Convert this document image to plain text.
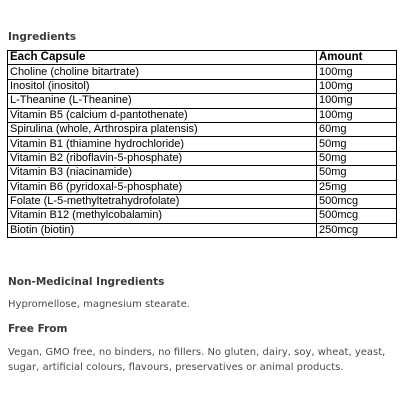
Ingredients
Each Capsule	Amount
Choline (choline bitartrate)	100mg
Inositol (inositol)	100mg
L-Theanine (L-Theanine)	100mg
Vitamin B5 (calcium d-pantothenate)	100mg
Spirulina (whole, Arthrospira platensis)	60mg
Vitamin B1 (thiamine hydrochloride)	50mg
Vitamin B2 (riboflavin-5-phosphate)	50mg
Vitamin B3 (niacinamide)	50mg
Vitamin B6 (pyridoxal-5-phosphate)	25mg
Folate (L-5-methyltetrahydrofolate)	500mcg
Vitamin B12 (methylcobalamin)	500mcg
Biotin (biotin)	250mcg
Non-Medicinal Ingredients
Hypromellose, magnesium stearate.
Free From
Vegan, GMO free, no binders, no fillers. No gluten, dairy, soy, wheat, yeast, sugar, artificial colours, flavours, preservatives or animal products.
